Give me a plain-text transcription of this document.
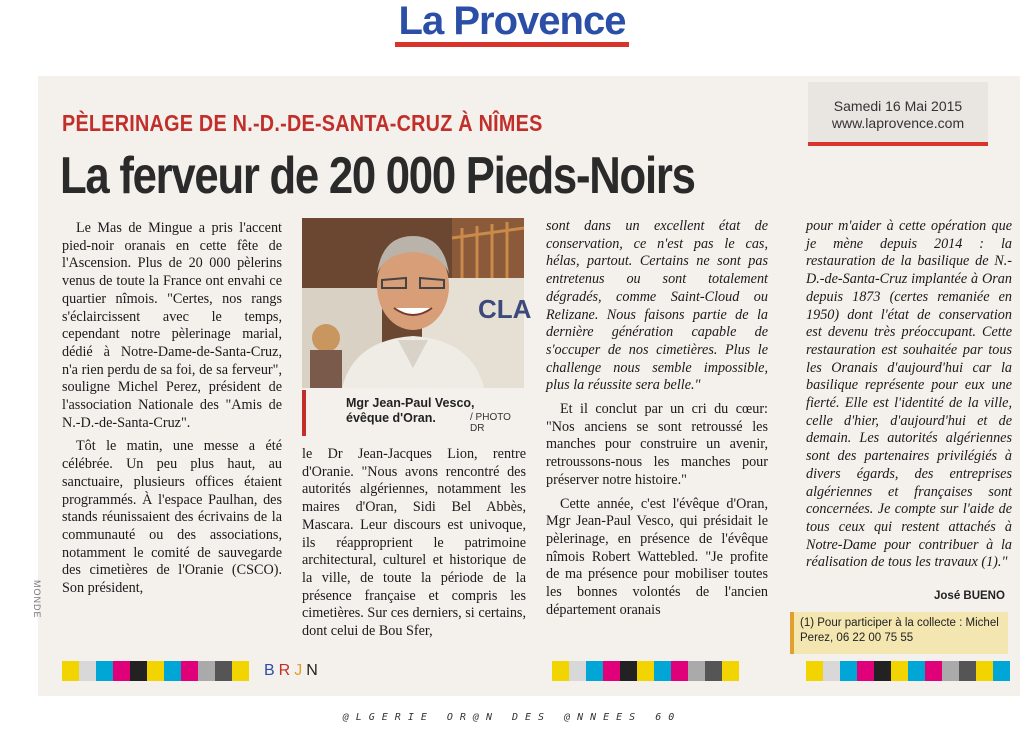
La Provence
Samedi 16 Mai 2015
www.laprovence.com
PÈLERINAGE DE N.-D.-DE-SANTA-CRUZ À NÎMES
La ferveur de 20 000 Pieds-Noirs

Le Mas de Mingue a pris l'accent pied-noir oranais en cette fête de l'Ascension. Plus de 20 000 pèlerins venus de toute la France ont envahi ce quartier nîmois. "Certes, nos rangs s'éclaircissent avec le temps, cependant notre pèlerinage marial, dédié à Notre-Dame-de-Santa-Cruz, n'a rien perdu de sa foi, de sa ferveur", souligne Michel Perez, président de l'association Nationale des "Amis de N.-D.-de-Santa-Cruz".

Tôt le matin, une messe a été célébrée. Un peu plus haut, au sanctuaire, plusieurs offices étaient programmés. À l'espace Paulhan, des stands réunissaient des écrivains de la communauté ou des associations, notamment le comité de sauvegarde des cimetières de l'Oranie (CSCO). Son président,

CLA
Mgr Jean-Paul Vesco,
évêque d'Oran.	/ PHOTO DR

le Dr Jean-Jacques Lion, rentre d'Oranie. "Nous avons rencontré des autorités algériennes, notamment les maires d'Oran, Sidi Bel Abbès, Mascara. Leur discours est univoque, ils réapproprient le patrimoine architectural, culturel et historique de la ville, de toute la période de la présence française et compris les cimetières. Sur ces derniers, si certains, dont celui de Bou Sfer,

sont dans un excellent état de conservation, ce n'est pas le cas, hélas, partout. Certains ne sont pas entretenus ou sont totalement dégradés, comme Saint-Cloud ou Relizane. Nous faisons partie de la dernière génération capable de s'occuper de nos cimetières. Plus le challenge nous semble impossible, plus la réussite sera belle."

Et il conclut par un cri du cœur: "Nos anciens se sont retroussé les manches pour construire un avenir, retroussons-nous les manches pour préserver notre histoire."

Cette année, c'est l'évêque d'Oran, Mgr Jean-Paul Vesco, qui présidait le pèlerinage, en présence de l'évêque nîmois Robert Wattebled. "Je profite de ma présence pour mobiliser toutes les bonnes volontés de l'ancien département oranais

pour m'aider à cette opération que je mène depuis 2014 : la restauration de la basilique de N.-D.-de-Santa-Cruz implantée à Oran depuis 1873 (certes remaniée en 1950) dont l'état de conservation est devenu très préoccupant. Cette restauration est souhaitée par tous les Oranais d'aujourd'hui car la basilique représente pour eux une fierté. Elle est l'identité de la ville, celle d'hier, d'aujourd'hui et de demain. Les autorités algériennes sont des partenaires privilégiés à divers égards, des entreprises algériennes et françaises sont concernées. Je compte sur l'aide de tous ceux qui restent attachés à Notre-Dame pour contribuer à la réalisation de tous les travaux (1)."

José BUENO
(1) Pour participer à la collecte : Michel Perez, 06 22 00 75 55
BRJN
MONDE
@LGERIE OR@N DES @NNEES 60
